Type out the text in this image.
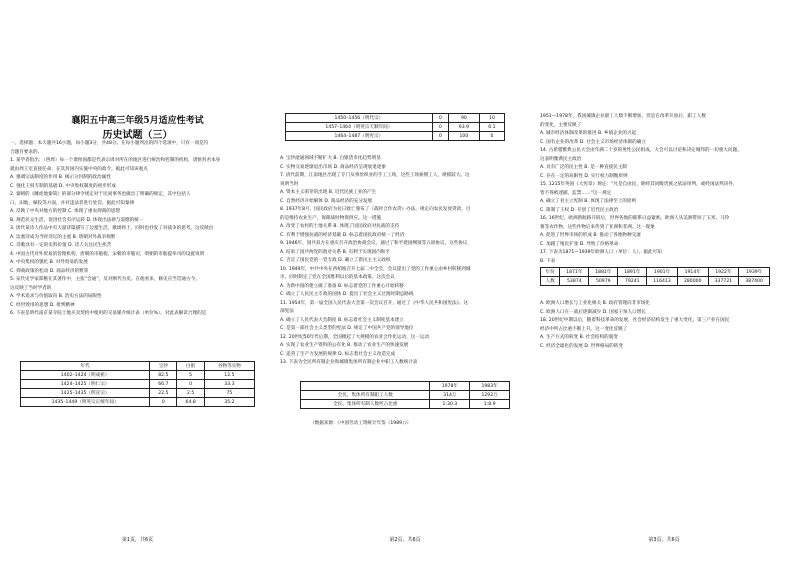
襄阳五中高三年级5月适应性考试
历史试题（三）
一、选择题：本大题共16小题，每小题3分，共48分。在每小题列出的四个选项中，只有一项是符
合题目要求的。
1. 某学者指出：（西周）每一个诸侯国都是代表宗周对所在的地区进行统治和控制的机构，诸侯封君本身
就由周王室直接任命，在其封国内实施中央的政令。据此可知该观点
A. 强调宗法制度的作用 B. 揭示分封制的政治属性
C. 强化王权专制的基础 D. 中央集权制度的初步形成
2. 秦朝的《睡虎地秦简》的部分律令规定对于民间事务也做出了明确的规定，其中包括人
口、田地、赋役等方面，并对违法者进行处罚。据此可知秦律
A. 反映了中央对地方的控制 C. 体现了重农抑商的思想
B. 规范民众生活，促进社会有序运转 D. 体现出法律与道德的统一
3. 唐代某诗人作品中有大量诗篇描写了边塞生活，歌颂将士，同时也抒发了对战争的思考。这反映出
A. 边塞诗成为当时诗坛的主流 B. 唐朝对外战争频繁
C. 诗歌具有一定的史料价值 D. 诗人关注民生疾苦
4. 中国古代对外贸易的管理机构，唐朝的市舶使、宋朝的市舶司，明朝的市舶提举司的设置说明
A. 中央集权的强化 B. 对外贸易的发展
C. 抑商政策的松动 D. 商品经济的繁荣
5. 宋代史学家郑樵在其著作中，主张“会通”，反对断代为史。在他看来，修史应当贯通古今。
这反映了当时学者的
A. 学术追求与价值取向 B. 治史方法的局限性
C. 经世致用的思想 D. 批判精神
6. 下表是明代南京某寺院土地买卖契约中使用的交易媒介统计表（单位%）。对此表解读合理的是
年代	宝钞	白银	谷物等实物
1402–1424（明成祖）	82.5	5	12.5
1424–1425（明仁宗）	66.7	0	33.3
1425–1435（明宣宗）	22.5	2.5	75
1435–1449（明英宗正统年间）	0	64.8	35.2
第1页，共6页
1450–1456（明代宗）	0	90	10
1457–1464（明英宗天顺年间）	0	93.9	6.1
1464–1487（明宪宗）	0	100	0
A. 宝钞流通领域不断扩大 B. 白银货币化趋势明显
C. 实物交易逐渐退出市场 D. 商品经济呈现衰退迹象
7. 清代前期，江南地区出现了专门从事丝织业的手工工场，这些工场雇佣工人，规模较大。这
说明当时
A. 资本主义萌芽的出现 B. 近代民族工业的产生
C. 自然经济开始解体 D. 商品经济的充分发展
8. 1937年8月，国民政府为抗日救亡颁布了《战时合作农贷》办法，规定向农民发放贷款，目
的是维持农业生产，保障战时物资供应。这一措施
A. 改变了农村的土地关系 B. 体现了国民政府对抗战的支持
C. 有利于增强抗战的经济基础 D. 标志着国民政府统一了经济
9. 1946年，国共双方在重庆召开政治协商会议，通过了和平建国纲领等五项协议，这些协议
A. 结束了国共两党的敌对关系 B. 有利于实现国内和平
C. 否定了国民党的一党专政 D. 确立了新民主主义政权
10. 1949年，中共中央在西柏坡召开七届二中全会，会议提出了党的工作重心由乡村转移到城
市，同时制定了党在全国胜利以后的基本政策。这次会议
A. 为新中国的建立做了准备 B. 标志着党的工作重心开始转移
C. 确立了人民民主专政的国体 D. 提出了社会主义过渡时期总路线
11. 1954年，第一届全国人民代表大会第一次会议召开，通过了《中华人民共和国宪法》。这
部宪法
A. 确立了人民代表大会制度 B. 标志着社会主义制度基本建立
C. 是第一部社会主义类型的宪法 D. 规定了中国共产党的领导地位
12. 20世纪50年代后期，全国掀起了大规模的农业合作化运动，这一运动
A. 实现了农业生产资料的公有化 B. 推动了农业生产的快速发展
C. 违背了生产力发展的规律 D. 标志着社会主义改造完成
13. 下表为全民所有制企业和城镇集体所有制企业中职工人数统计表
	1978年	1983年
全民、集体所有制职工人数	314万	1292万
全民、集体所有制人数所占比重	1:30.3	1:8.9
（数据来源：《中国劳动工资统计年鉴（1989）》）
第2页，共6页
1951—1978年，我国城镇企业职工人数不断增加，但是在改革开放后，职工人数
的变化，主要反映了
A. 城市经济体制改革的推进 B. 乡镇企业的兴起
C. 国有企业的改革 D. 社会主义市场经济体制的确立
14. 古希腊雅典公民大会由年满二十岁的男性公民组成，大会可以讨论和决定城邦的一切重大问题。
这表明雅典民主政治
A. 具有广泛的民主性 B. 是一种直接民主制
C. 存在一定的局限性 D. 实行权力制衡原则
15. 1215年英国《大宪章》规定：“凡是自由民，除经其同级贵族之依法审判，或经国法判决外，
皆不得被逮捕、监禁……”这一规定
A. 确立了君主立宪制 B. 体现了法律至上的原则
C. 限制了王权 D. 开创了近代民主政治
16. 16世纪，欧洲新航路开辟后，世界各地的联系日益紧密。欧洲人从美洲带回了玉米、马铃
薯等农作物，这些作物后来传到了亚洲和非洲。这一现象
A. 促进了世界市场的形成 B. 推动了各地物种交流
C. 加剧了殖民扩张 D. 导致了价格革命
17. 下表为1871—1939年欧洲人口（单位：人）。据此可知
B. 下表
年份	1871年	1881年	1891年	1901年	1914年	1922年	1939年
人数	53874	50979	79241	116413	280000	337721	387400
A. 欧洲人口增长与工业化相关 B. 政府管理向非市场化
C. 欧洲人口在一战后逐渐减少 D. 国家干预人口增长
18. 20世纪中期以后，随着科技革命的发展，社会经济结构发生了重大变化，第三产业在国民
经济中所占比重不断上升。这一变化反映了
A. 生产方式的转变 B. 社会结构的演变
C. 经济全球化的发展 D. 世界格局的转变
第3页，共6页
